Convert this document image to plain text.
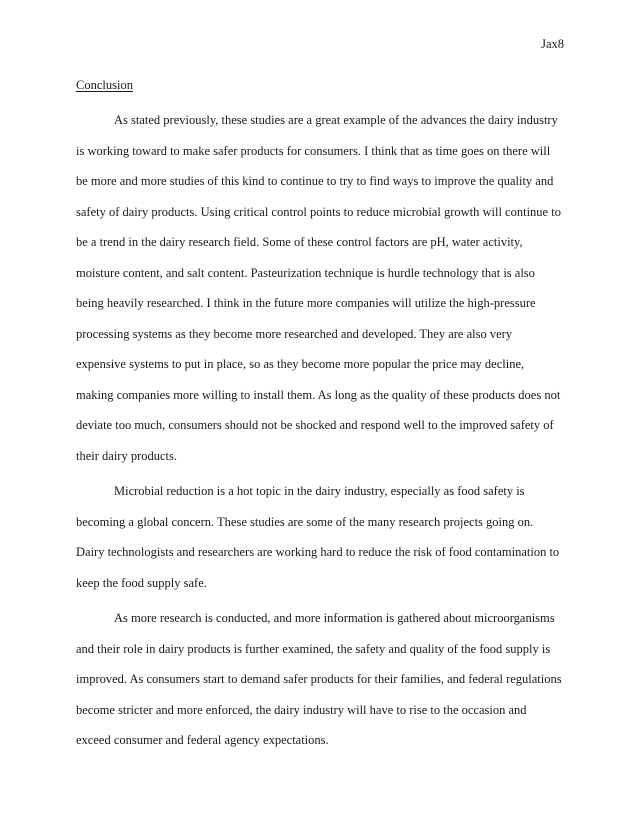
Jax8
Conclusion

As stated previously, these studies are a great example of the advances the dairy industry
is working toward to make safer products for consumers. I think that as time goes on there will
be more and more studies of this kind to continue to try to find ways to improve the quality and
safety of dairy products. Using critical control points to reduce microbial growth will continue to
be a trend in the dairy research field. Some of these control factors are pH, water activity,
moisture content, and salt content. Pasteurization technique is hurdle technology that is also
being heavily researched. I think in the future more companies will utilize the high-pressure
processing systems as they become more researched and developed. They are also very
expensive systems to put in place, so as they become more popular the price may decline,
making companies more willing to install them. As long as the quality of these products does not
deviate too much, consumers should not be shocked and respond well to the improved safety of
their dairy products.

Microbial reduction is a hot topic in the dairy industry, especially as food safety is
becoming a global concern. These studies are some of the many research projects going on.
Dairy technologists and researchers are working hard to reduce the risk of food contamination to
keep the food supply safe.

As more research is conducted, and more information is gathered about microorganisms
and their role in dairy products is further examined, the safety and quality of the food supply is
improved. As consumers start to demand safer products for their families, and federal regulations
become stricter and more enforced, the dairy industry will have to rise to the occasion and
exceed consumer and federal agency expectations.
